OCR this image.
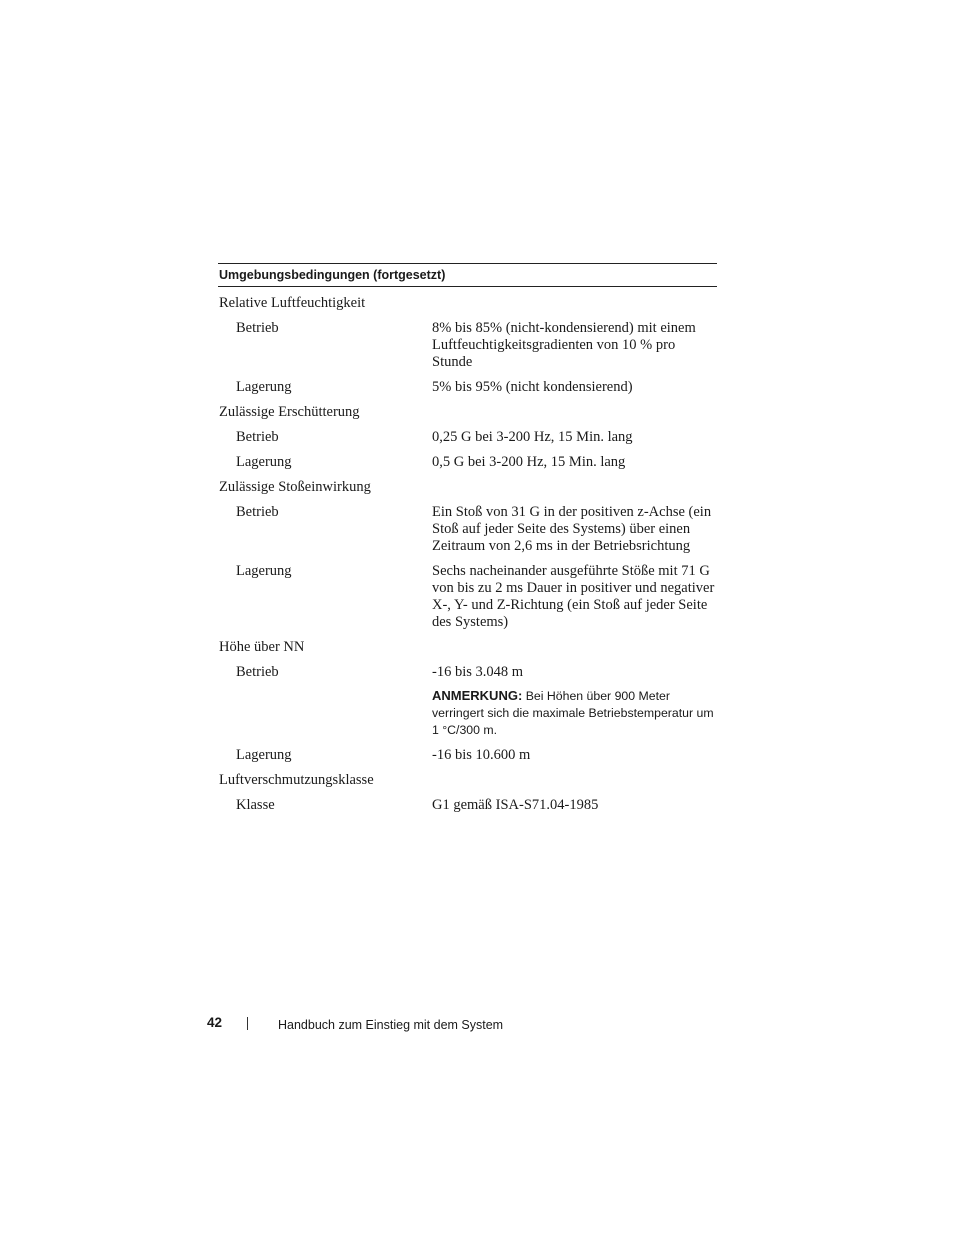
Umgebungsbedingungen (fortgesetzt)
Relative Luftfeuchtigkeit
Betrieb	8% bis 85% (nicht-kondensierend) mit einem Luftfeuchtigkeitsgradienten von 10 % pro Stunde
Lagerung	5% bis 95% (nicht kondensierend)
Zulässige Erschütterung
Betrieb	0,25 G bei 3-200 Hz, 15 Min. lang
Lagerung	0,5 G bei 3-200 Hz, 15 Min. lang
Zulässige Stoßeinwirkung
Betrieb	Ein Stoß von 31 G in der positiven z-Achse (ein Stoß auf jeder Seite des Systems) über einen Zeitraum von 2,6 ms in der Betriebsrichtung
Lagerung	Sechs nacheinander ausgeführte Stöße mit 71 G von bis zu 2 ms Dauer in positiver und negativer X-, Y- und Z-Richtung (ein Stoß auf jeder Seite des Systems)
Höhe über NN
Betrieb	-16 bis 3.048 m
ANMERKUNG: Bei Höhen über 900 Meter verringert sich die maximale Betriebstemperatur um 1 °C/300 m.
Lagerung	-16 bis 10.600 m
Luftverschmutzungsklasse
Klasse	G1 gemäß ISA-S71.04-1985
42	Handbuch zum Einstieg mit dem System
